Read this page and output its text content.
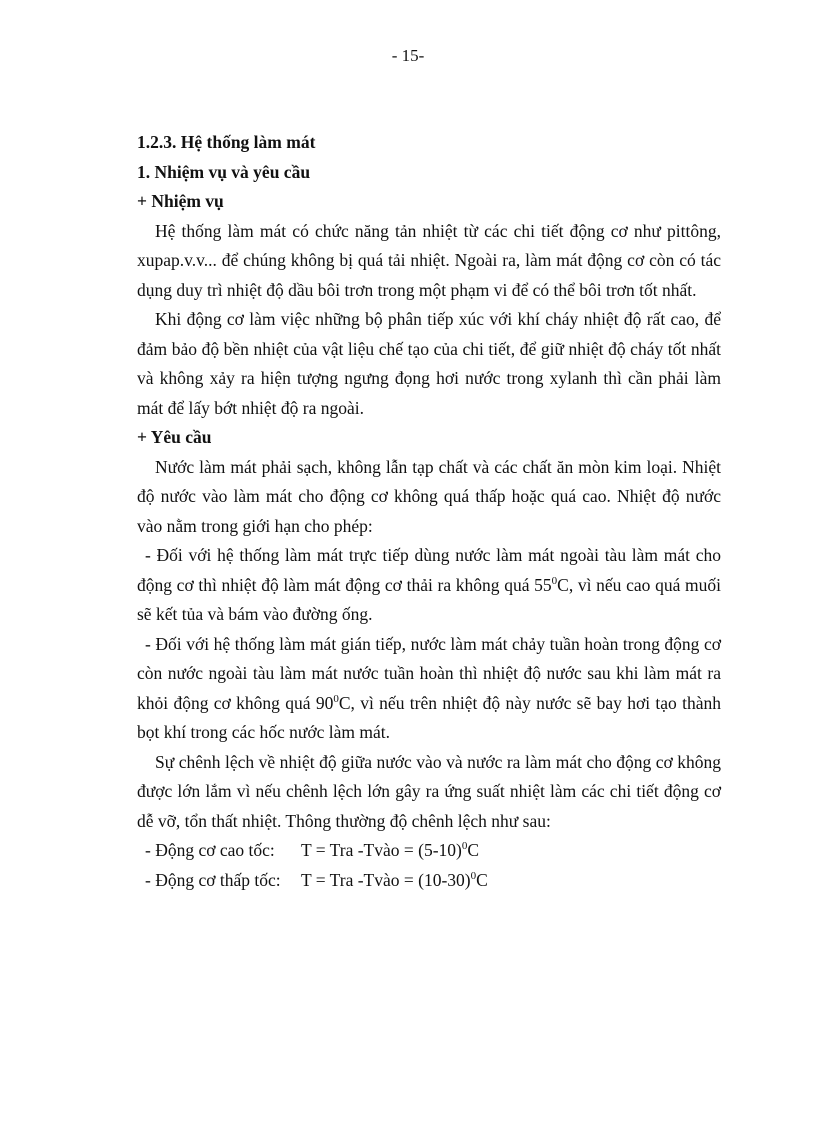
- 15-

1.2.3. Hệ thống làm mát

1. Nhiệm vụ và yêu cầu

+ Nhiệm vụ

Hệ thống làm mát có chức năng tản nhiệt từ các chi tiết động cơ như pittông, xupap.v.v... để chúng không bị quá tải nhiệt. Ngoài ra, làm mát động cơ còn có tác dụng duy trì nhiệt độ dầu bôi trơn trong một phạm vi để có thể bôi trơn tốt nhất.

Khi động cơ làm việc những bộ phân tiếp xúc với khí cháy nhiệt độ rất cao, để đảm bảo độ bền nhiệt của vật liệu chế tạo của chi tiết, để giữ nhiệt độ cháy tốt nhất và không xảy ra hiện tượng ngưng đọng hơi nước trong xylanh thì cần phải làm mát để lấy bớt nhiệt độ ra ngoài.

+ Yêu cầu

Nước làm mát phải sạch, không lẫn tạp chất và các chất ăn mòn kim loại. Nhiệt độ nước vào làm mát cho động cơ không quá thấp hoặc quá cao. Nhiệt độ nước vào nằm trong giới hạn cho phép:

- Đối với hệ thống làm mát trực tiếp dùng nước làm mát ngoài tàu làm mát cho động cơ thì nhiệt độ làm mát động cơ thải ra không quá $55^0C$, vì nếu cao quá muối sẽ kết tủa và bám vào đường ống.

- Đối với hệ thống làm mát gián tiếp, nước làm mát chảy tuần hoàn trong động cơ còn nước ngoài tàu làm mát nước tuần hoàn thì nhiệt độ nước sau khi làm mát ra khỏi động cơ không quá $90^0C$, vì nếu trên nhiệt độ này nước sẽ bay hơi tạo thành bọt khí trong các hốc nước làm mát.

Sự chênh lệch về nhiệt độ giữa nước vào và nước ra làm mát cho động cơ không được lớn lắm vì nếu chênh lệch lớn gây ra ứng suất nhiệt làm các chi tiết động cơ dễ vỡ, tổn thất nhiệt. Thông thường độ chênh lệch như sau:

- Động cơ cao tốc: T = Tra -Tvào = $(5-10)^0C$

- Động cơ thấp tốc: T = Tra -Tvào = $(10-30)^0C$
